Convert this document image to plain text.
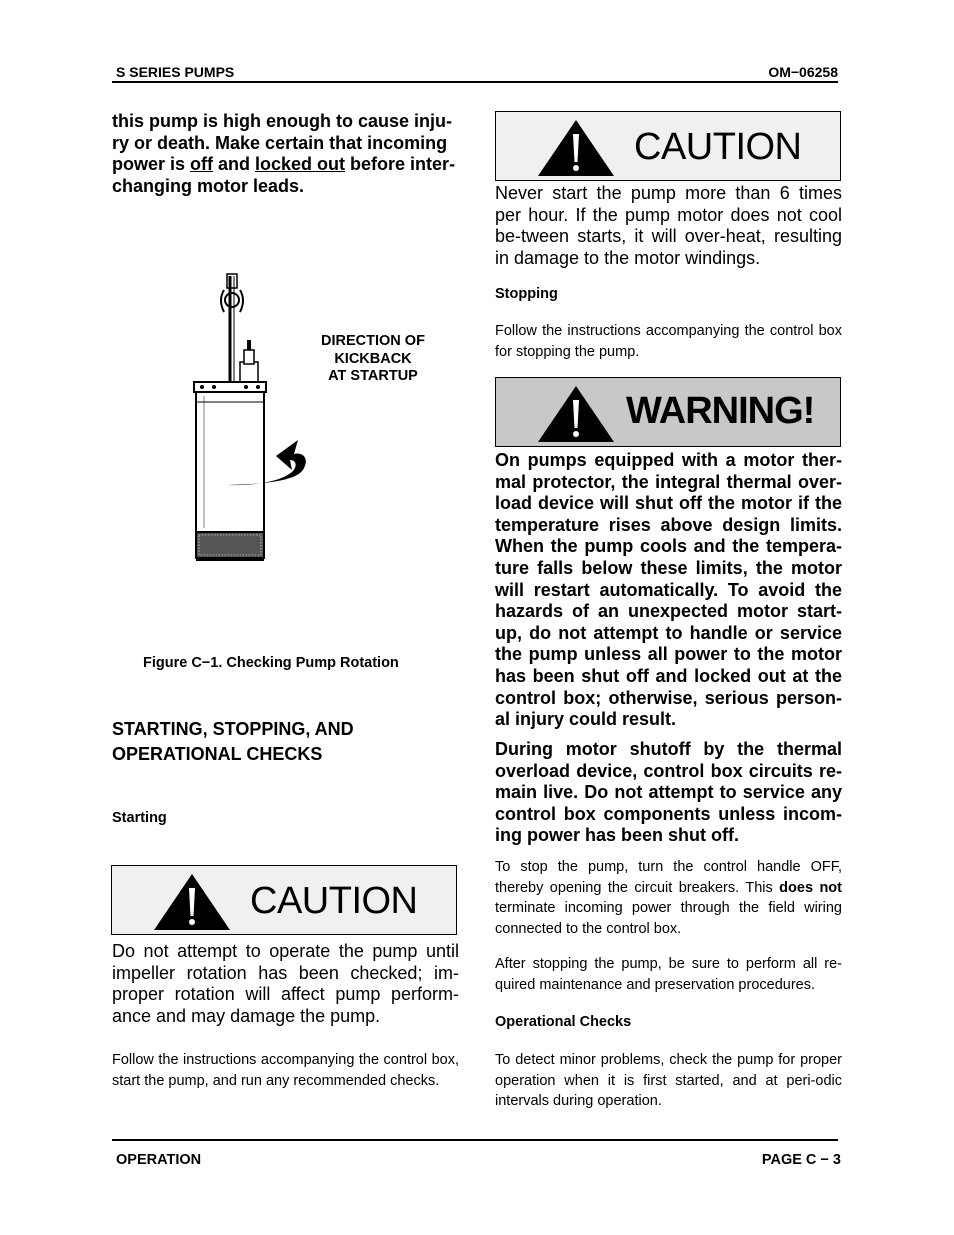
S SERIES PUMPS	OM−06258
this pump is high enough to cause inju-
ry or death. Make certain that incoming
power is off and locked out before inter-
changing motor leads.
DIRECTION OF
KICKBACK
AT STARTUP
Figure C−1. Checking Pump Rotation
STARTING, STOPPING, AND
OPERATIONAL CHECKS
Starting
CAUTION
Do not attempt to operate the pump until impeller rotation has been checked; im-proper rotation will affect pump perform-ance and may damage the pump.
Follow the instructions accompanying the control box, start the pump, and run any recommended checks.
CAUTION
Never start the pump more than 6 times per hour. If the pump motor does not cool be-tween starts, it will over-heat, resulting in damage to the motor windings.
Stopping
Follow the instructions accompanying the control box for stopping the pump.
WARNING!
On pumps equipped with a motor ther-mal protector, the integral thermal over-load device will shut off the motor if the temperature rises above design limits. When the pump cools and the tempera-ture falls below these limits, the motor will restart automatically. To avoid the hazards of an unexpected motor start-up, do not attempt to handle or service the pump unless all power to the motor has been shut off and locked out at the control box; otherwise, serious person-al injury could result.
During motor shutoff by the thermal overload device, control box circuits re-main live. Do not attempt to service any control box components unless incom-ing power has been shut off.
To stop the pump, turn the control handle OFF, thereby opening the circuit breakers. This does not terminate incoming power through the field wiring connected to the control box.
After stopping the pump, be sure to perform all re-quired maintenance and preservation procedures.
Operational Checks
To detect minor problems, check the pump for proper operation when it is first started, and at peri-odic intervals during operation.
OPERATION	PAGE C − 3
